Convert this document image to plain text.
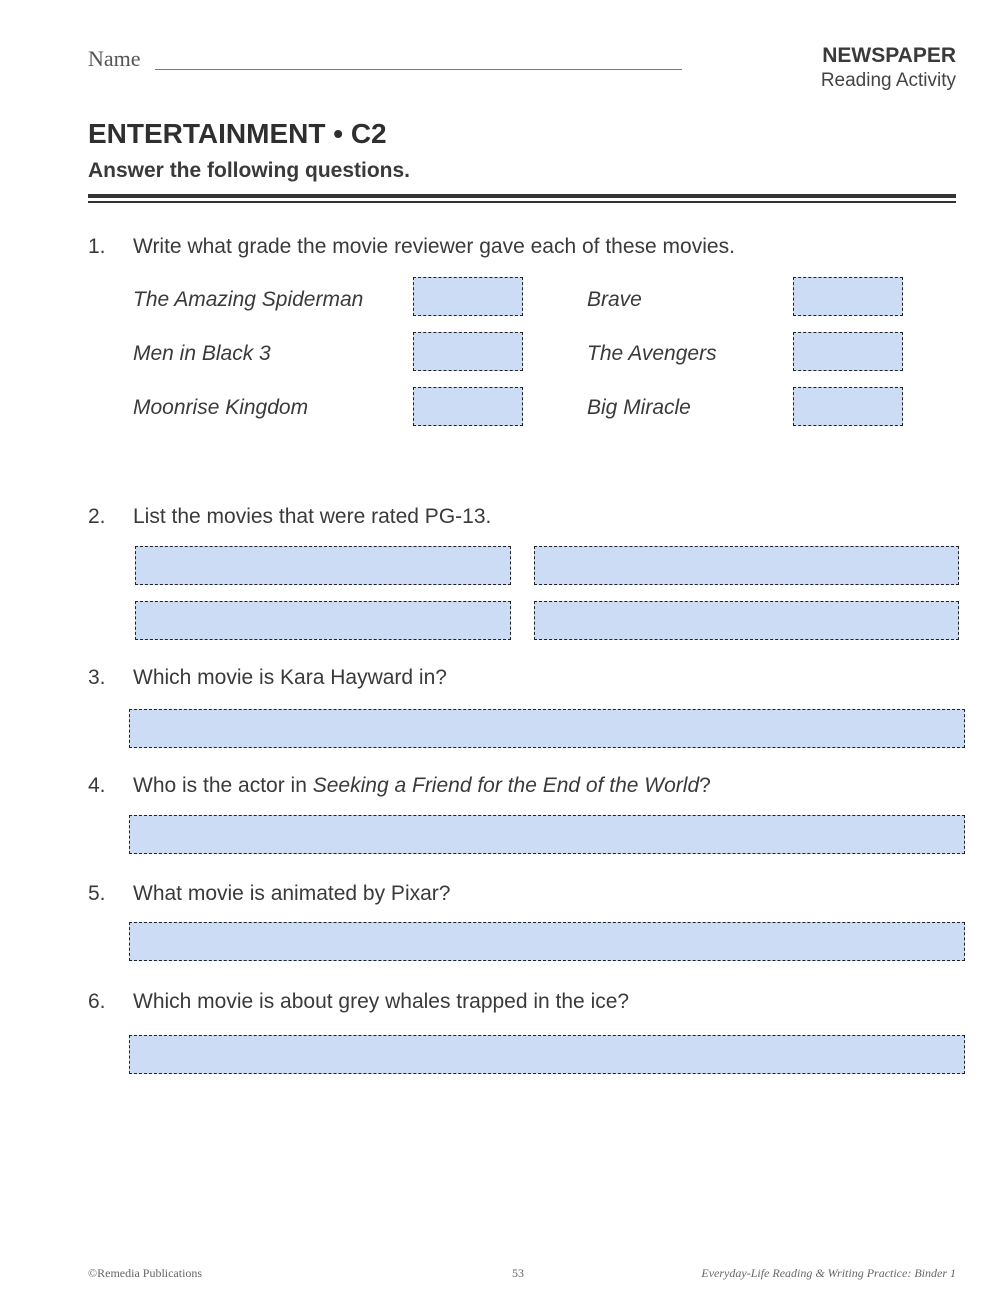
Name	NEWSPAPER
Reading Activity
ENTERTAINMENT • C2
Answer the following questions.
1. Write what grade the movie reviewer gave each of these movies.
The Amazing Spiderman	Brave
Men in Black 3	The Avengers
Moonrise Kingdom	Big Miracle
2. List the movies that were rated PG-13.
3. Which movie is Kara Hayward in?
4. Who is the actor in Seeking a Friend for the End of the World?
5. What movie is animated by Pixar?
6. Which movie is about grey whales trapped in the ice?
©Remedia Publications	53	Everyday-Life Reading & Writing Practice: Binder 1
